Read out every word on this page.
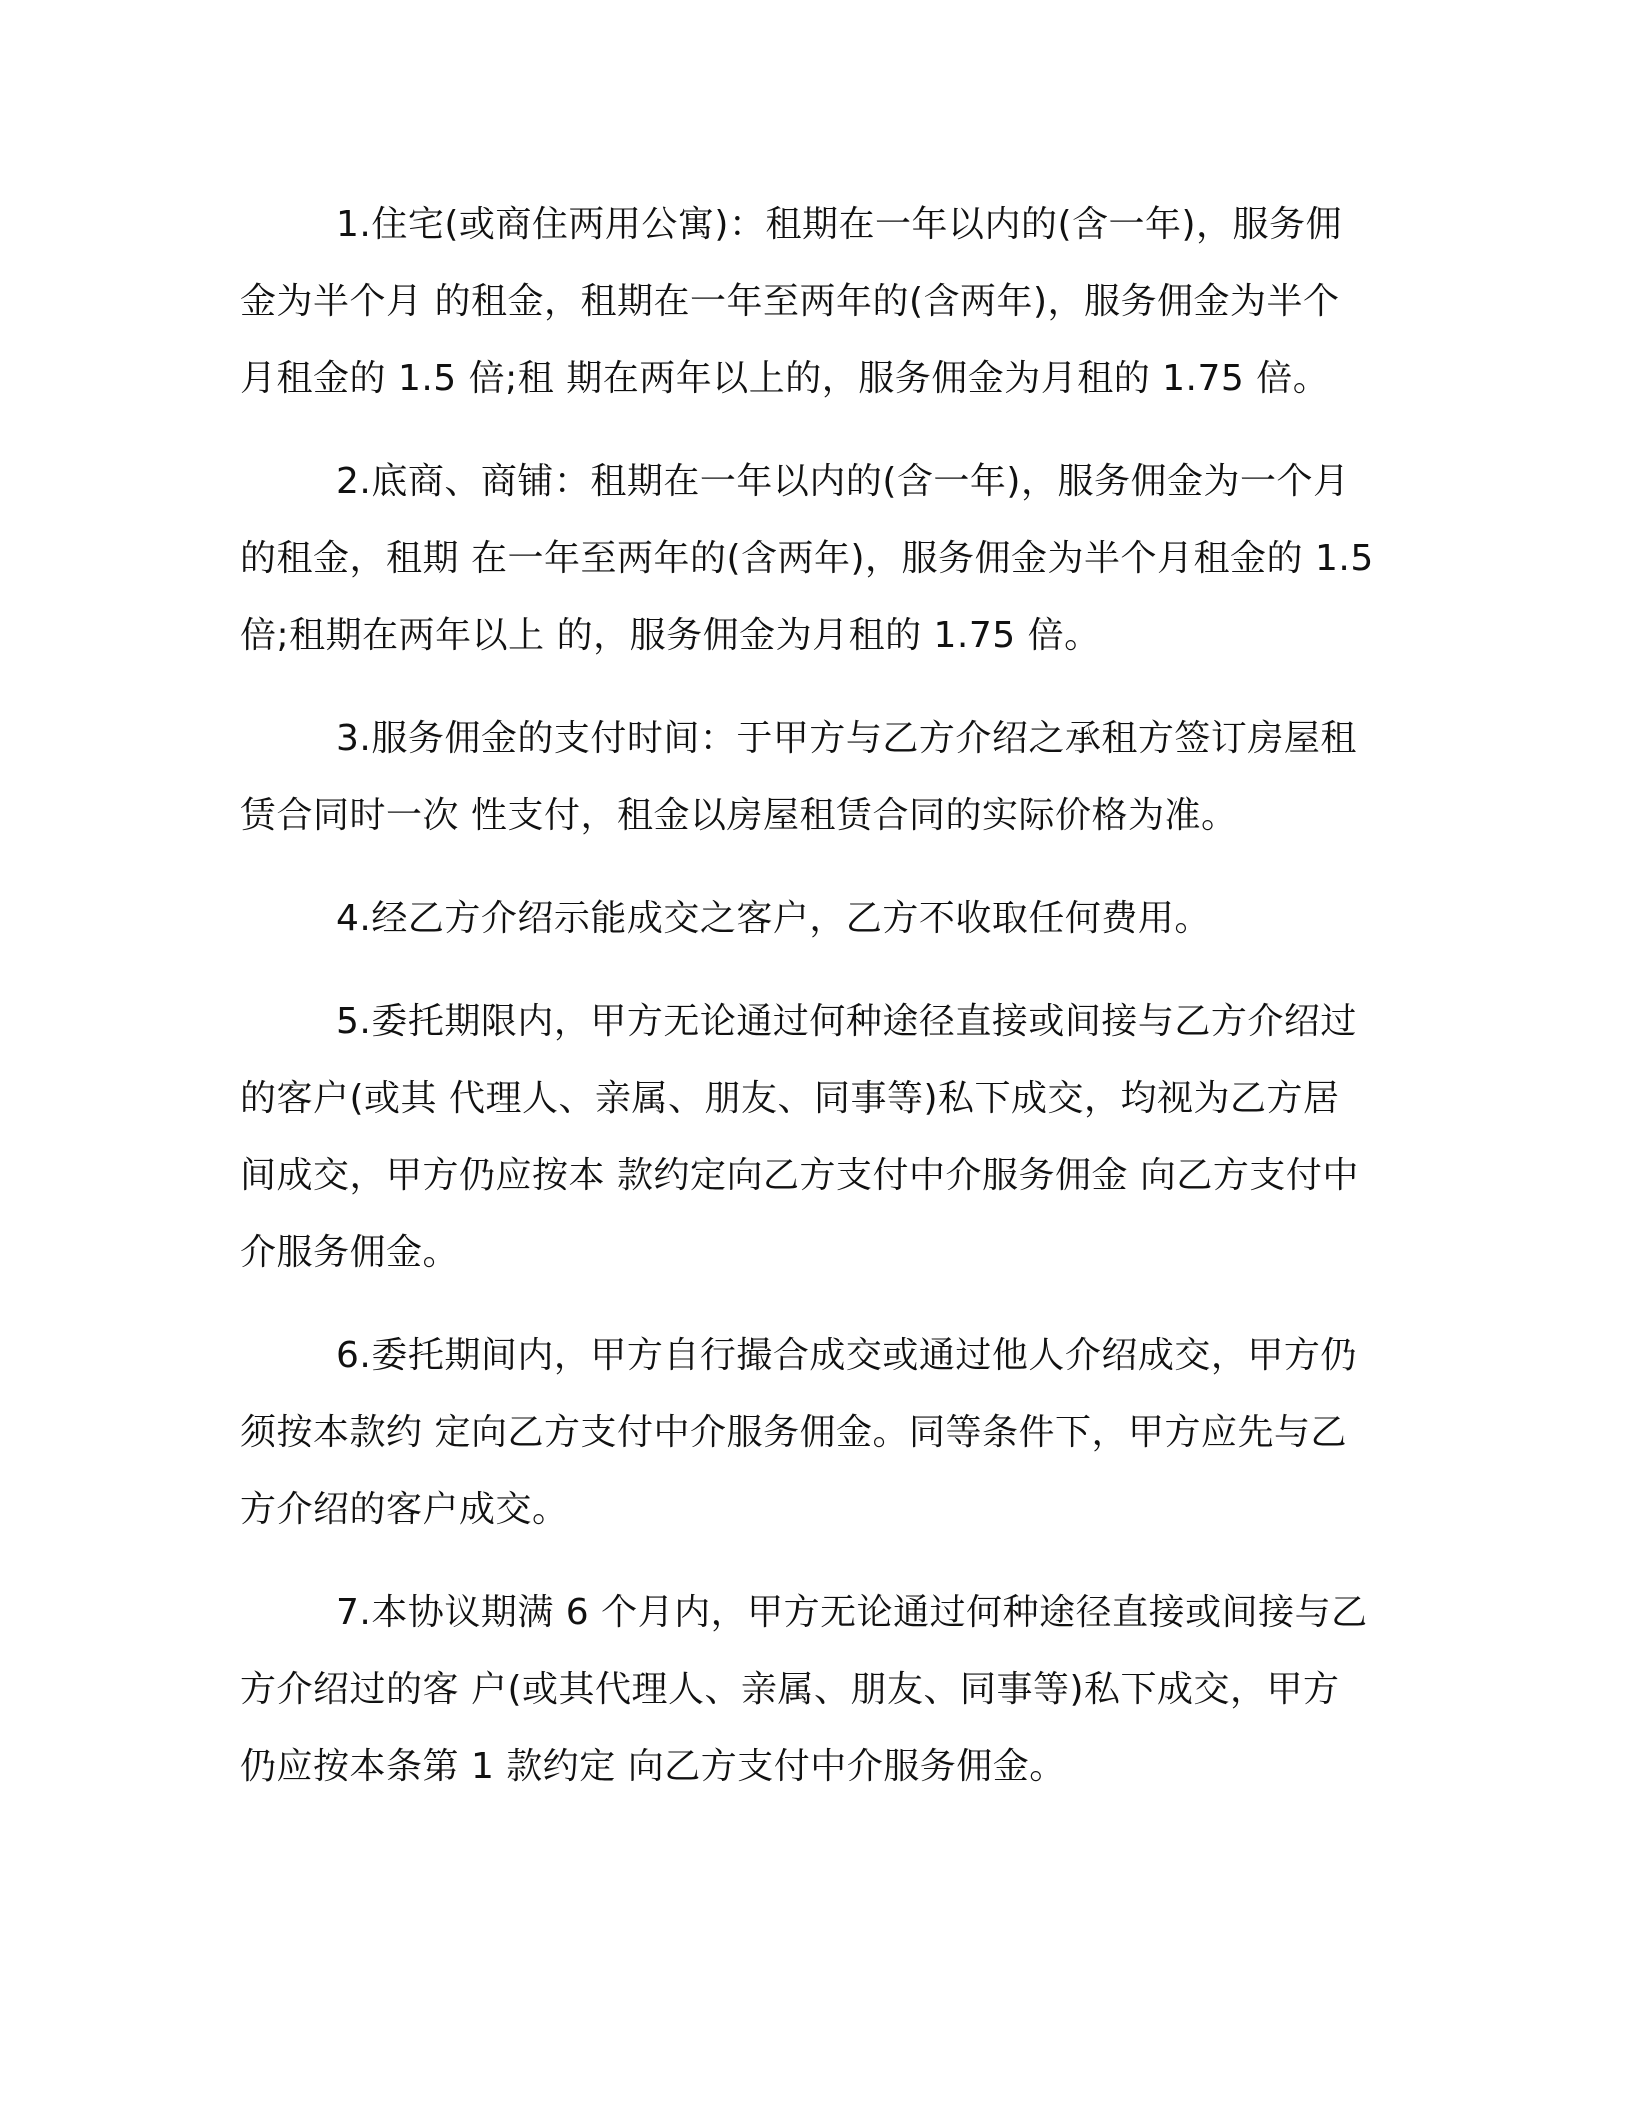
1.住宅(或商住两用公寓)：租期在一年以内的(含一年)，服务佣
金为半个月 的租金，租期在一年至两年的(含两年)，服务佣金为半个
月租金的 1.5 倍;租 期在两年以上的，服务佣金为月租的 1.75 倍。

2.底商、商铺：租期在一年以内的(含一年)，服务佣金为一个月
的租金，租期 在一年至两年的(含两年)，服务佣金为半个月租金的 1.5
倍;租期在两年以上 的，服务佣金为月租的 1.75 倍。

3.服务佣金的支付时间：于甲方与乙方介绍之承租方签订房屋租
赁合同时一次 性支付，租金以房屋租赁合同的实际价格为准。

4.经乙方介绍示能成交之客户，乙方不收取任何费用。

5.委托期限内，甲方无论通过何种途径直接或间接与乙方介绍过
的客户(或其 代理人、亲属、朋友、同事等)私下成交，均视为乙方居
间成交，甲方仍应按本 款约定向乙方支付中介服务佣金 向乙方支付中
介服务佣金。

6.委托期间内，甲方自行撮合成交或通过他人介绍成交，甲方仍
须按本款约 定向乙方支付中介服务佣金。同等条件下，甲方应先与乙
方介绍的客户成交。

7.本协议期满 6 个月内，甲方无论通过何种途径直接或间接与乙
方介绍过的客 户(或其代理人、亲属、朋友、同事等)私下成交，甲方
仍应按本条第 1 款约定 向乙方支付中介服务佣金。
